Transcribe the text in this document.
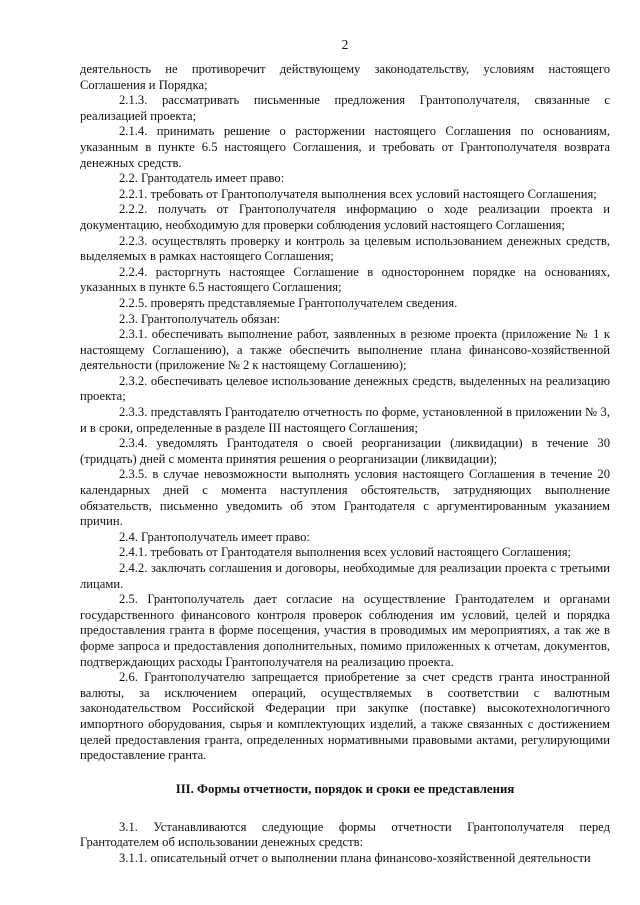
2

деятельность не противоречит действующему законодательству, условиям настоящего Соглашения и Порядка;

2.1.3. рассматривать письменные предложения Грантополучателя, связанные с реализацией проекта;

2.1.4. принимать решение о расторжении настоящего Соглашения по основаниям, указанным в пункте 6.5 настоящего Соглашения, и требовать от Грантополучателя возврата денежных средств.

2.2. Грантодатель имеет право:

2.2.1. требовать от Грантополучателя выполнения всех условий настоящего Соглашения;

2.2.2. получать от Грантополучателя информацию о ходе реализации проекта и документацию, необходимую для проверки соблюдения условий настоящего Соглашения;

2.2.3. осуществлять проверку и контроль за целевым использованием денежных средств, выделяемых в рамках настоящего Соглашения;

2.2.4. расторгнуть настоящее Соглашение в одностороннем порядке на основаниях, указанных в пункте 6.5 настоящего Соглашения;

2.2.5. проверять представляемые Грантополучателем сведения.

2.3. Грантополучатель обязан:

2.3.1. обеспечивать выполнение работ, заявленных в резюме проекта (приложение № 1 к настоящему Соглашению), а также обеспечить выполнение плана финансово-хозяйственной деятельности (приложение № 2 к настоящему Соглашению);

2.3.2. обеспечивать целевое использование денежных средств, выделенных на реализацию проекта;

2.3.3. представлять Грантодателю отчетность по форме, установленной в приложении № 3, и в сроки, определенные в разделе III настоящего Соглашения;

2.3.4. уведомлять Грантодателя о своей реорганизации (ликвидации) в течение 30 (тридцать) дней с момента принятия решения о реорганизации (ликвидации);

2.3.5. в случае невозможности выполнять условия настоящего Соглашения в течение 20 календарных дней с момента наступления обстоятельств, затрудняющих выполнение обязательств, письменно уведомить об этом Грантодателя с аргументированным указанием причин.

2.4. Грантополучатель имеет право:

2.4.1. требовать от Грантодателя выполнения всех условий настоящего Соглашения;

2.4.2. заключать соглашения и договоры, необходимые для реализации проекта с третьими лицами.

2.5. Грантополучатель дает согласие на осуществление Грантодателем и органами государственного финансового контроля проверок соблюдения им условий, целей и порядка предоставления гранта в форме посещения, участия в проводимых им мероприятиях, а так же в форме запроса и предоставления дополнительных, помимо приложенных к отчетам, документов, подтверждающих расходы Грантополучателя на реализацию проекта.

2.6. Грантополучателю запрещается приобретение за счет средств гранта иностранной валюты, за исключением операций, осуществляемых в соответствии с валютным законодательством Российской Федерации при закупке (поставке) высокотехнологичного импортного оборудования, сырья и комплектующих изделий, а также связанных с достижением целей предоставления гранта, определенных нормативными правовыми актами, регулирующими предоставление гранта.

III. Формы отчетности, порядок и сроки ее представления

3.1. Устанавливаются следующие формы отчетности Грантополучателя перед Грантодателем об использовании денежных средств:

3.1.1. описательный отчет о выполнении плана финансово-хозяйственной деятельности
